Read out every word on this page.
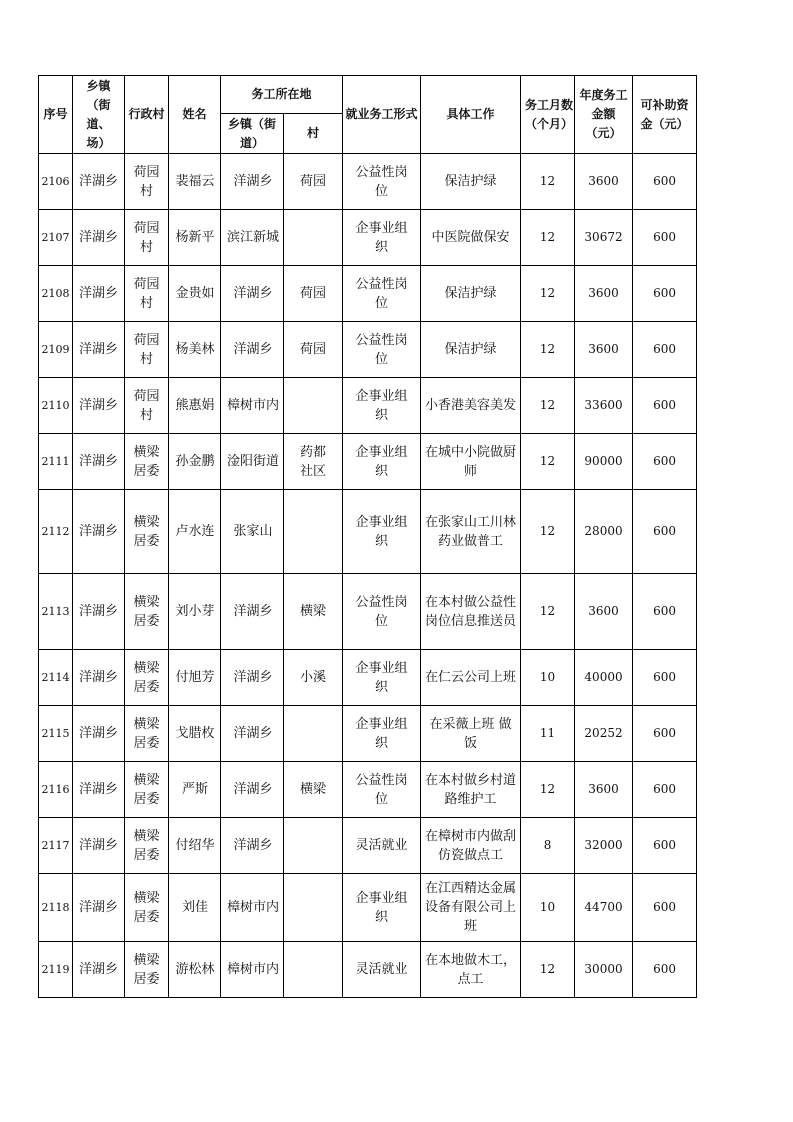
序号	乡镇（街道、场）	行政村	姓名	务工所在地		就业务工形式	具体工作	务工月数（个月）	年度务工金额（元）	可补助资金（元）

				乡镇（街道）	村					

2106	洋湖乡	荷园村	裴福云	洋湖乡	荷园	公益性岗位	保洁护绿	12	3600	600

2107	洋湖乡	荷园村	杨新平	滨江新城		企事业组织	中医院做保安	12	30672	600

2108	洋湖乡	荷园村	金贵如	洋湖乡	荷园	公益性岗位	保洁护绿	12	3600	600

2109	洋湖乡	荷园村	杨美林	洋湖乡	荷园	公益性岗位	保洁护绿	12	3600	600

2110	洋湖乡	荷园村	熊惠娟	樟树市内		企事业组织	小香港美容美发	12	33600	600

2111	洋湖乡	横梁居委	孙金鹏	淦阳街道	药都社区	企事业组织	在城中小院做厨师	12	90000	600

2112	洋湖乡	横梁居委	卢水连	张家山		企事业组织	在张家山工川林药业做普工	12	28000	600

2113	洋湖乡	横梁居委	刘小芽	洋湖乡	横梁	公益性岗位	在本村做公益性岗位信息推送员	12	3600	600

2114	洋湖乡	横梁居委	付旭芳	洋湖乡	小溪	企事业组织	在仁云公司上班	10	40000	600

2115	洋湖乡	横梁居委	戈腊枚	洋湖乡		企事业组织	在采薇上班 做饭	11	20252	600

2116	洋湖乡	横梁居委	严斯	洋湖乡	横梁	公益性岗位	在本村做乡村道路维护工	12	3600	600

2117	洋湖乡	横梁居委	付绍华	洋湖乡		灵活就业	在樟树市内做刮仿瓷做点工	8	32000	600

2118	洋湖乡	横梁居委	刘佳	樟树市内		企事业组织	在江西精达金属设备有限公司上班	10	44700	600

2119	洋湖乡	横梁居委	游松林	樟树市内		灵活就业	在本地做木工，点工	12	30000	600
